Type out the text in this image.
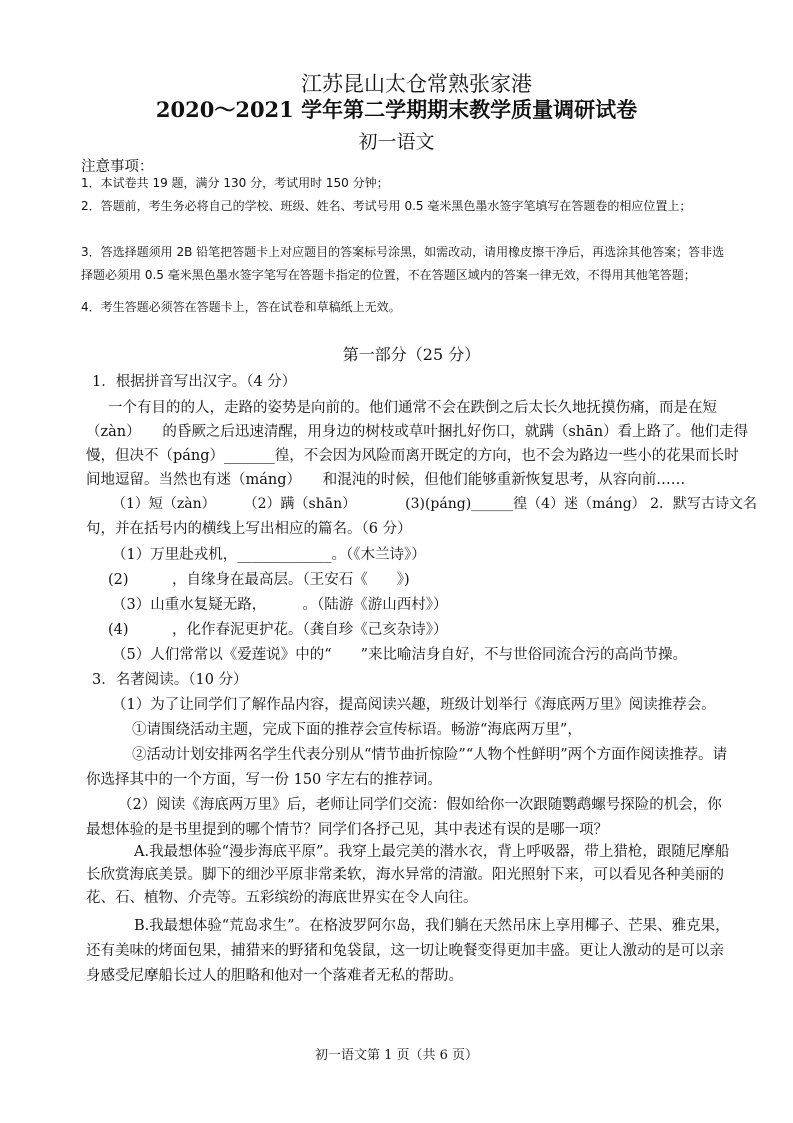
江苏昆山太仓常熟张家港
2020～2021 学年第二学期期末教学质量调研试卷
初一语文
注意事项：
1．本试卷共 19 题，满分 130 分，考试用时 150 分钟；
2．答题前，考生务必将自己的学校、班级、姓名、考试号用 0.5 毫米黑色墨水签字笔填写在答题卷的相应位置上；
3．答选择题须用 2B 铅笔把答题卡上对应题目的答案标号涂黑，如需改动，请用橡皮擦干净后，再选涂其他答案；答非选择题必须用 0.5 毫米黑色墨水签字笔写在答题卡指定的位置，不在答题区域内的答案一律无效，不得用其他笔答题；
4．考生答题必须答在答题卡上，答在试卷和草稿纸上无效。
第一部分（25 分）
1．根据拼音写出汉字。（4 分）
一个有目的的人，走路的姿势是向前的。他们通常不会在跌倒之后太长久地抚摸伤痛，而是在短
（zàn）　　的昏厥之后迅速清醒，用身边的树枝或草叶捆扎好伤口，就蹒（shān）看上路了。他们走得
慢，但决不（páng）_______徨，不会因为风险而离开既定的方向，也不会为路边一些小的花果而长时
间地逗留。当然也有迷（máng）　　和混沌的时候，但他们能够重新恢复思考，从容向前……
（1）短（zàn）　　　（2）蹒（shān）　　　　(3)(páng)______徨（4）迷（máng） 2．默写古诗文名
句，并在括号内的横线上写出相应的篇名。（6 分）
（1）万里赴戎机，_____________。（《木兰诗》）
(2)　　　，自缘身在最高层。（王安石《　　》)
（3）山重水复疑无路，　　　。（陆游《游山西村》）
(4)　　　，化作春泥更护花。（龚自珍《己亥杂诗》）
（5）人们常常以《爱莲说》中的“　　”来比喻洁身自好，不与世俗同流合污的高尚节操。
3．名著阅读。（10 分）
（1）为了让同学们了解作品内容，提高阅读兴趣，班级计划举行《海底两万里》阅读推荐会。
①请围绕活动主题，完成下面的推荐会宣传标语。畅游“海底两万里”，
②活动计划安排两名学生代表分别从“情节曲折惊险”“人物个性鲜明”两个方面作阅读推荐。请
你选择其中的一个方面，写一份 150 字左右的推荐词。
（2）阅读《海底两万里》后，老师让同学们交流：假如给你一次跟随鹦鹉螺号探险的机会，你
最想体验的是书里提到的哪个情节？同学们各抒己见，其中表述有误的是哪一项？
A.我最想体验“漫步海底平原”。我穿上最完美的潜水衣，背上呼吸器，带上猎枪，跟随尼摩船
长欣赏海底美景。脚下的细沙平原非常柔软，海水异常的清澈。阳光照射下来，可以看见各种美丽的
花、石、植物、介壳等。五彩缤纷的海底世界实在令人向往。
B.我最想体验“荒岛求生”。在格波罗阿尔岛，我们躺在天然吊床上享用椰子、芒果、雅克果，
还有美味的烤面包果，捕猎来的野猪和兔袋鼠，这一切让晚餐变得更加丰盛。更让人激动的是可以亲
身感受尼摩船长过人的胆略和他对一个落难者无私的帮助。
初一语文第 1 页（共 6 页）
